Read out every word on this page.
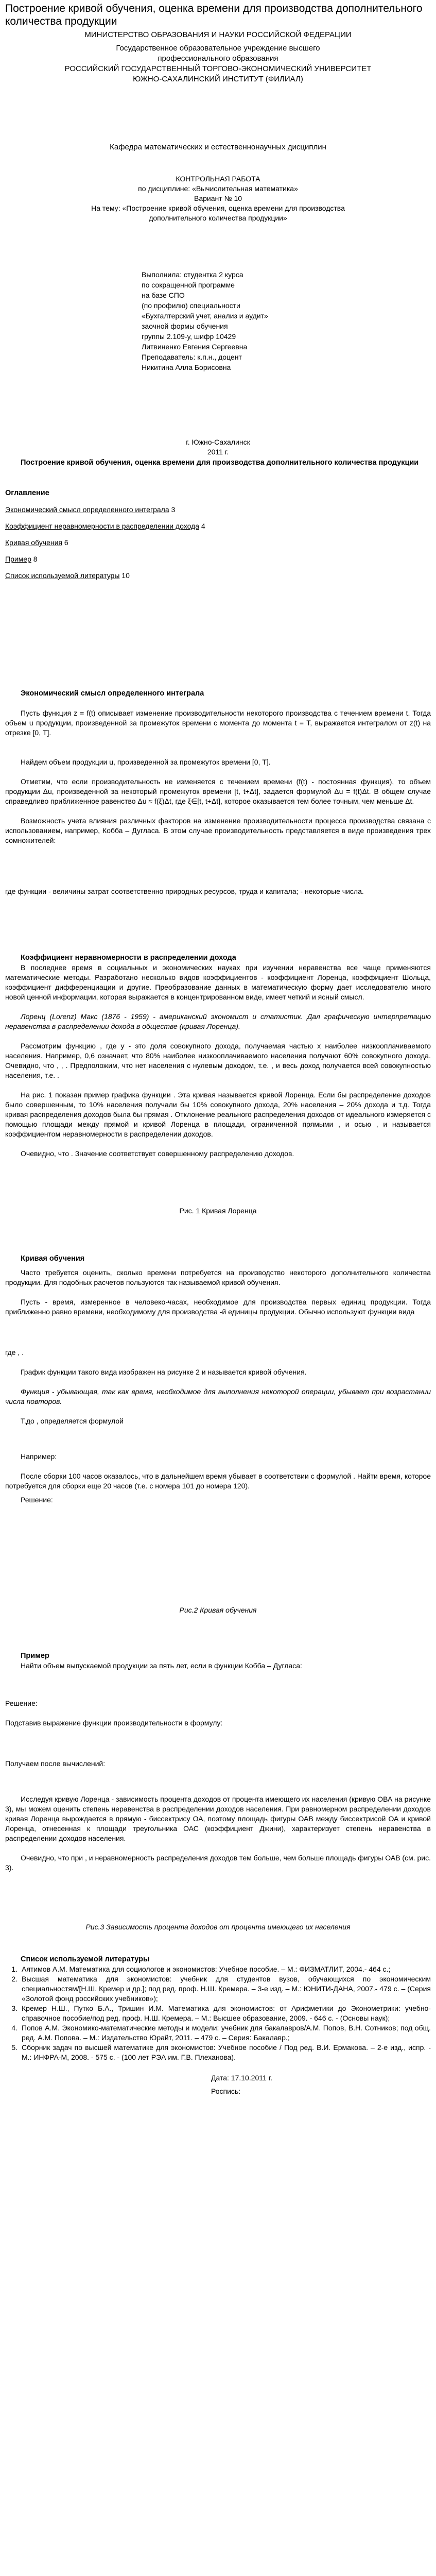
Построение кривой обучения, оценка времени для производства дополнительного количества продукции

МИНИСТЕРСТВО ОБРАЗОВАНИЯ И НАУКИ РОССИЙСКОЙ ФЕДЕРАЦИИ

Государственное образовательное учреждение высшего

профессионального образования

РОССИЙСКИЙ ГОСУДАРСТВЕННЫЙ ТОРГОВО-ЭКОНОМИЧЕСКИЙ УНИВЕРСИТЕТ

ЮЖНО-САХАЛИНСКИЙ ИНСТИТУТ (ФИЛИАЛ)

Кафедра математических и естественнонаучных дисциплин

КОНТРОЛЬНАЯ РАБОТА

по дисциплине: «Вычислительная математика»

Вариант № 10

На тему: «Построение кривой обучения, оценка времени для производства

дополнительного количества продукции»

Выполнила: студентка 2 курса

по сокращенной программе

на базе СПО

(по профилю) специальности

«Бухгалтерский учет, анализ и аудит»

заочной формы обучения

группы 2.109-у, шифр 10429

Литвиненко Евгения Сергеевна

Преподаватель: к.п.н., доцент

Никитина Алла Борисовна

г. Южно-Сахалинск

2011 г.

Построение кривой обучения, оценка времени для производства дополнительного количества продукции

Оглавление

Экономический смысл определенного интеграла 3

Коэффициент неравномерности в распределении дохода 4

Кривая обучения 6

Пример 8

Список используемой литературы 10

Экономический смысл определенного интеграла

Пусть функция z = f(t) описывает изменение производительности некоторого производства с течением времени t. Тогда объем u продукции, произведенной за промежуток времени с момента до момента t = T, выражается интегралом от z(t) на отрезке [0, T].

Найдем объем продукции u, произведенной за промежуток времени [0, T].

Отметим, что если производительность не изменяется с течением времени (f(t) - постоянная функция), то объем продукции Δu, произведенной за некоторый промежуток времени [t, t+Δt], задается формулой Δu = f(t)Δt. В общем случае справедливо приближенное равенство Δu ≈ f(ξ)Δt, где ξ∈[t, t+Δt], которое оказывается тем более точным, чем меньше Δt.

Возможность учета влияния различных факторов на изменение производительности процесса производства связана с использованием, например, Кобба – Дугласа. В этом случае производительность представляется в виде произведения трех сомножителей:

где функции - величины затрат соответственно природных ресурсов, труда и капитала; - некоторые числа.

Коэффициент неравномерности в распределении дохода

В последнее время в социальных и экономических науках при изучении неравенства все чаще применяются математические методы. Разработано несколько видов коэффициентов - коэффициент Лоренца, коэффициент Шольца, коэффициент дифференциации и другие. Преобразование данных в математическую форму дает исследователю много новой ценной информации, которая выражается в концентрированном виде, имеет четкий и ясный смысл.

Лоренц (Lorenz) Макс (1876 - 1959) - американский экономист и статистик. Дал графическую интерпретацию неравенства в распределении дохода в обществе (кривая Лоренца).

Рассмотрим функцию , где у - это доля совокупного дохода, получаемая частью x наиболее низкооплачиваемого населения. Например, 0,6 означает, что 80% наиболее низкооплачиваемого населения получают 60% совокупного дохода. Очевидно, что , , . Предположим, что нет населения с нулевым доходом, т.е. , и весь доход получается всей совокупностью населения, т.е. .

На рис. 1 показан пример графика функции . Эта кривая называется кривой Лоренца. Если бы распределение доходов было совершенным, то 10% населения получали бы 10% совокупного дохода, 20% населения – 20% дохода и т.д. Тогда кривая распределения доходов была бы прямая . Отклонение реального распределения доходов от идеального измеряется с помощью площади между прямой и кривой Лоренца в площади, ограниченной прямыми , и осью , и называется коэффициентом неравномерности в распределении доходов.

Очевидно, что . Значение соответствует совершенному распределению доходов.

Рис. 1 Кривая Лоренца

Кривая обучения

Часто требуется оценить, сколько времени потребуется на производство некоторого дополнительного количества продукции. Для подобных расчетов пользуются так называемой кривой обучения.

Пусть - время, измеренное в человеко-часах, необходимое для производства первых единиц продукции. Тогда приближенно равно времени, необходимому для производства -й единицы продукции. Обычно используют функции вида

где , .

График функции такого вида изображен на рисунке 2 и называется кривой обучения.

Функция - убывающая, так как время, необходимое для выполнения некоторой операции, убывает при возрастании числа повторов.

Т.до , определяется формулой

Например:

После сборки 100 часов оказалось, что в дальнейшем время убывает в соответствии с формулой . Найти время, которое потребуется для сборки еще 20 часов (т.е. с номера 101 до номера 120).

Решение:

Рис.2 Кривая обучения

Пример

Найти объем выпускаемой продукции за пять лет, если в функции Кобба – Дугласа:

Решение:

Подставив выражение функции производительности в формулу:

Получаем после вычислений:

Исследуя кривую Лоренца - зависимость процента доходов от процента имеющего их населения (кривую ОВА на рисунке 3), мы можем оценить степень неравенства в распределении доходов населения. При равномерном распределении доходов кривая Лоренца вырождается в прямую - биссектрису ОА, поэтому площадь фигуры ОАВ между биссектрисой ОА и кривой Лоренца, отнесенная к площади треугольника ОАС (коэффициент Джини), характеризует степень неравенства в распределении доходов населения.

Очевидно, что при , и неравномерность распределения доходов тем больше, чем больше площадь фигуры ОАВ (см. рис. 3).

Рис.3 Зависимость процента доходов от процента имеющего их населения

Список используемой литературы

1. Аятимов А.М. Математика для социологов и экономистов: Учебное пособие. – М.: ФИЗМАТЛИТ, 2004.- 464 с.;
2. Высшая математика для экономистов: учебник для студентов вузов, обучающихся по экономическим специальностям/[Н.Ш. Кремер и др.]; под ред. проф. Н.Ш. Кремера. – 3-е изд. – М.: ЮНИТИ-ДАНА, 2007.- 479 с. – (Серия «Золотой фонд российских учебников»);
3. Кремер Н.Ш., Путко Б.А., Тришин И.М. Математика для экономистов: от Арифметики до Эконометрики: учебно-справочное пособие/под ред. проф. Н.Ш. Кремера. – М.: Высшее образование, 2009. - 646 с. - (Основы наук);
4. Попов А.М. Экономико-математические методы и модели: учебник для бакалавров/А.М. Попов, В.Н. Сотников; под общ. ред. А.М. Попова. – М.: Издательство Юрайт, 2011. – 479 с. – Серия: Бакалавр.;
5. Сборник задач по высшей математике для экономистов: Учебное пособие / Под ред. В.И. Ермакова. – 2-е изд., испр. - М.: ИНФРА-М, 2008. - 575 с. - (100 лет РЭА им. Г.В. Плеханова).

Дата: 17.10.2011 г.

Роспись:
